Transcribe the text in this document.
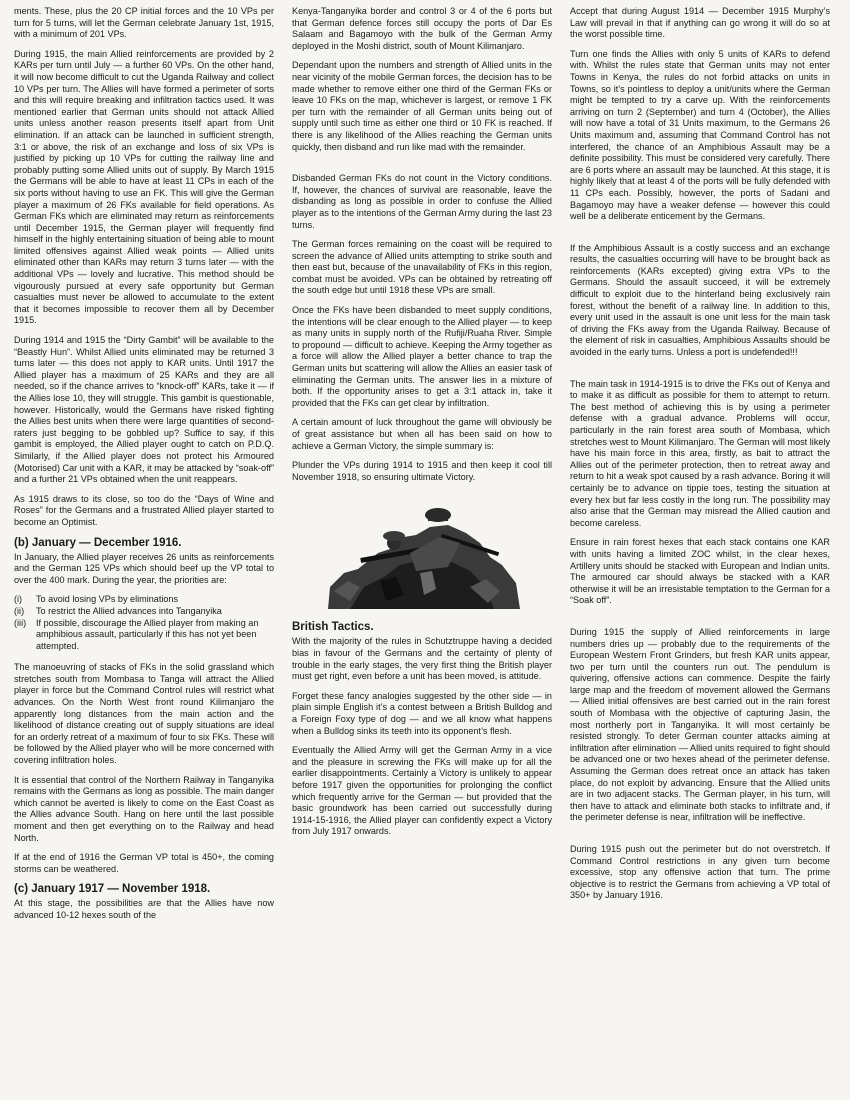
ments. These, plus the 20 CP initial forces and the 10 VPs per turn for 5 turns, will let the German celebrate January 1st, 1915, with a minimum of 201 VPs.

During 1915, the main Allied reinforcements are provided by 2 KARs per turn until July — a further 60 VPs. On the other hand, it will now become difficult to cut the Uganda Railway and collect 10 VPs per turn. The Allies will have formed a perimeter of sorts and this will require breaking and infiltration tactics used. It was mentioned earlier that German units should not attack Allied units unless another reason presents itself apart from Unit elimination. If an attack can be launched in sufficient strength, 3:1 or above, the risk of an exchange and loss of six VPs is justified by picking up 10 VPs for cutting the railway line and probably putting some Allied units out of supply. By March 1915 the Germans will be able to have at least 11 CPs in each of the six ports without having to use an FK. This will give the German player a maximum of 26 FKs available for field operations. As German FKs which are eliminated may return as reinforcements until December 1915, the German player will frequently find himself in the highly entertaining situation of being able to mount limited offensives against Allied weak points — Allied units eliminated other than KARs may return 3 turns later — with the additional VPs — lovely and lucrative. This method should be vigourously pursued at every safe opportunity but German casualties must never be allowed to accumulate to the extent that it becomes impossible to recover them all by December 1915.

During 1914 and 1915 the “Dirty Gambit” will be available to the “Beastly Hun”. Whilst Allied units eliminated may be returned 3 turns later — this does not apply to KAR units. Until 1917 the Allied player has a maximum of 25 KARs and they are all needed, so if the chance arrives to “knock-off” KARs, take it — if the Allies lose 10, they will struggle. This gambit is questionable, however. Historically, would the Germans have risked fighting the Allies best units when there were large quantities of second-raters just begging to be gobbled up? Suffice to say, if this gambit is employed, the Allied player ought to catch on P.D.Q. Similarly, if the Allied player does not protect his Armoured (Motorised) Car unit with a KAR, it may be attacked by “soak-off” and a further 21 VPs obtained when the unit reappears.

As 1915 draws to its close, so too do the “Days of Wine and Roses” for the Germans and a frustrated Allied player started to become an Optimist.

(b) January — December 1916.

In January, the Allied player receives 26 units as reinforcements and the German 125 VPs which should beef up the VP total to over the 400 mark. During the year, the priorities are:

(i)	To avoid losing VPs by eliminations
(ii)	To restrict the Allied advances into Tanganyika
(iii)	If possible, discourage the Allied player from making an amphibious assault, particularly if this has not yet been attempted.

The manoeuvring of stacks of FKs in the solid grassland which stretches south from Mombasa to Tanga will attract the Allied player in force but the Command Control rules will restrict what advances. On the North West front round Kilimanjaro the apparently long distances from the main action and the likelihood of distance creating out of supply situations are ideal for an orderly retreat of a maximum of four to six FKs. These will be followed by the Allied player who will be more concerned with covering infiltration holes.

It is essential that control of the Northern Railway in Tanganyika remains with the Germans as long as possible. The main danger which cannot be averted is likely to come on the East Coast as the Allies advance South. Hang on here until the last possible moment and then get everything on to the Railway and head North.

If at the end of 1916 the German VP total is 450+, the coming storms can be weathered.

(c) January 1917 — November 1918.

At this stage, the possibilities are that the Allies have now advanced 10-12 hexes south of the

Kenya-Tanganyika border and control 3 or 4 of the 6 ports but that German defence forces still occupy the ports of Dar Es Salaam and Bagamoyo with the bulk of the German Army deployed in the Moshi district, south of Mount Kilimanjaro.

Dependant upon the numbers and strength of Allied units in the near vicinity of the mobile German forces, the decision has to be made whether to remove either one third of the German FKs or leave 10 FKs on the map, whichever is largest, or remove 1 FK per turn with the remainder of all German units being out of supply until such time as either one third or 10 FK is reached. If there is any likelihood of the Allies reaching the German units quickly, then disband and run like mad with the remainder.

Disbanded German FKs do not count in the Victory conditions. If, however, the chances of survival are reasonable, leave the disbanding as long as possible in order to confuse the Allied player as to the intentions of the German Army during the last 23 turns.

The German forces remaining on the coast will be required to screen the advance of Allied units attempting to strike south and then east but, because of the unavailability of FKs in this region, combat must be avoided. VPs can be obtained by retreating off the south edge but until 1918 these VPs are small.

Once the FKs have been disbanded to meet supply conditions, the intentions will be clear enough to the Allied player — to keep as many units in supply north of the Rufiji/Ruaha River. Simple to propound — difficult to achieve. Keeping the Army together as a force will allow the Allied player a better chance to trap the German units but scattering will allow the Allies an easier task of eliminating the German units. The answer lies in a mixture of both. If the opportunity arises to get a 3:1 attack in, take it provided that the FKs can get clear by infiltration.

A certain amount of luck throughout the game will obviously be of great assistance but when all has been said on how to achieve a German Victory, the simple summary is:

Plunder the VPs during 1914 to 1915 and then keep it cool till November 1918, so ensuring ultimate Victory.

British Tactics.

With the majority of the rules in Schutztruppe having a decided bias in favour of the Germans and the certainty of plenty of trouble in the early stages, the very first thing the British player must get right, even before a unit has been moved, is attitude.

Forget these fancy analogies suggested by the other side — in plain simple English it’s a contest between a British Bulldog and a Foreign Foxy type of dog — and we all know what happens when a Bulldog sinks its teeth into its opponent’s flesh.

Eventually the Allied Army will get the German Army in a vice and the pleasure in screwing the FKs will make up for all the earlier disappointments. Certainly a Victory is unlikely to appear before 1917 given the opportunities for prolonging the conflict which frequently arrive for the German — but provided that the basic groundwork has been carried out successfully during 1914-15-1916, the Allied player can confidently expect a Victory from July 1917 onwards.

Accept that during August 1914 — December 1915 Murphy’s Law will prevail in that if anything can go wrong it will do so at the worst possible time.

Turn one finds the Allies with only 5 units of KARs to defend with. Whilst the rules state that German units may not enter Towns in Kenya, the rules do not forbid attacks on units in Towns, so it’s pointless to deploy a unit/units where the German might be tempted to try a carve up. With the reinforcements arriving on turn 2 (September) and turn 4 (October), the Allies will now have a total of 31 Units maximum, to the Germans 26 Units maximum and, assuming that Command Control has not interfered, the chance of an Amphibious Assault may be a definite possibility. This must be considered very carefully. There are 6 ports where an assault may be launched. At this stage, it is highly likely that at least 4 of the ports will be fully defended with 11 CPs each. Possibly, however, the ports of Sadani and Bagamoyo may have a weaker defense — however this could well be a deliberate enticement by the Germans.

If the Amphibious Assault is a costly success and an exchange results, the casualties occurring will have to be brought back as reinforcements (KARs excepted) giving extra VPs to the Germans. Should the assault succeed, it will be extremely difficult to exploit due to the hinterland being exclusively rain forest, without the benefit of a railway line. In addition to this, every unit used in the assault is one unit less for the main task of driving the FKs away from the Uganda Railway. Because of the element of risk in casualties, Amphibious Assaults should be avoided in the early turns. Unless a port is undefended!!!

The main task in 1914-1915 is to drive the FKs out of Kenya and to make it as difficult as possible for them to attempt to return. The best method of achieving this is by using a perimeter defense with a gradual advance. Problems will occur, particularly in the rain forest area south of Mombasa, which stretches west to Mount Kilimanjaro. The German will most likely have his main force in this area, firstly, as bait to attract the Allies out of the perimeter protection, then to retreat away and return to hit a weak spot caused by a rash advance. Boring it will certainly be to advance on tippie toes, testing the situation at every hex but far less costly in the long run. The possibility may also arise that the German may misread the Allied caution and become careless.

Ensure in rain forest hexes that each stack contains one KAR with units having a limited ZOC whilst, in the clear hexes, Artillery units should be stacked with European and Indian units. The armoured car should always be stacked with a KAR otherwise it will be an irresistable temptation to the German for a “Soak off”.

During 1915 the supply of Allied reinforcements in large numbers dries up — probably due to the requirements of the European Western Front Grinders, but fresh KAR units appear, two per turn until the counters run out. The pendulum is quivering, offensive actions can commence. Despite the fairly large map and the freedom of movement allowed the Germans — Allied initial offensives are best carried out in the rain forest south of Mombasa with the objective of capturing Jasin, the most northerly port in Tanganyika. It will most certainly be resisted strongly. To deter German counter attacks aiming at infiltration after elimination — Allied units required to fight should be advanced one or two hexes ahead of the perimeter defense. Assuming the German does retreat once an attack has taken place, do not exploit by advancing. Ensure that the Allied units are in two adjacent stacks. The German player, in his turn, will then have to attack and eliminate both stacks to infiltrate and, if the perimeter defense is near, infiltration will be ineffective.

During 1915 push out the perimeter but do not overstretch. If Command Control restrictions in any given turn become excessive, stop any offensive action that turn. The prime objective is to restrict the Germans from achieving a VP total of 350+ by January 1916.
